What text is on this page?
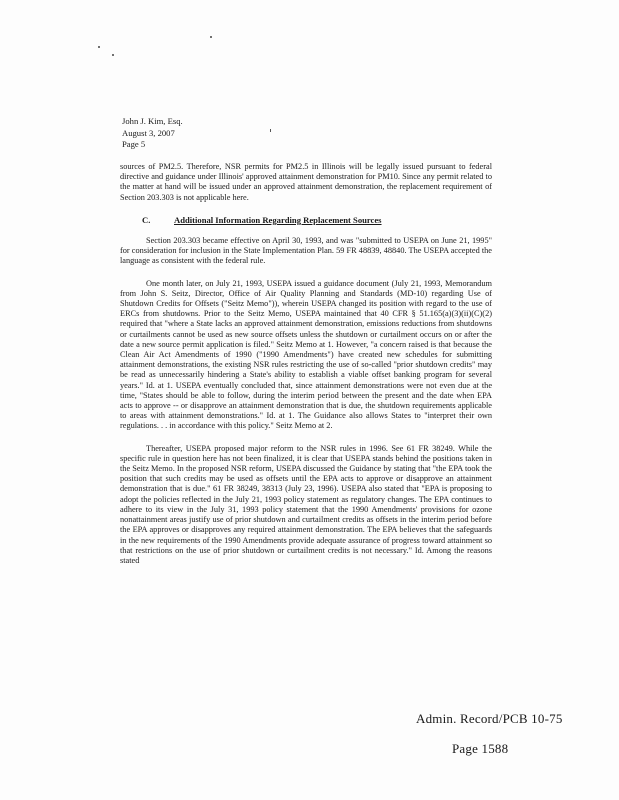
John J. Kim, Esq.
August 3, 2007
Page 5

sources of PM2.5. Therefore, NSR permits for PM2.5 in Illinois will be legally issued pursuant to federal directive and guidance under Illinois' approved attainment demonstration for PM10. Since any permit related to the matter at hand will be issued under an approved attainment demonstration, the replacement requirement of Section 203.303 is not applicable here.

C.	Additional Information Regarding Replacement Sources

Section 203.303 became effective on April 30, 1993, and was "submitted to USEPA on June 21, 1995" for consideration for inclusion in the State Implementation Plan. 59 FR 48839, 48840. The USEPA accepted the language as consistent with the federal rule.

One month later, on July 21, 1993, USEPA issued a guidance document (July 21, 1993, Memorandum from John S. Seitz, Director, Office of Air Quality Planning and Standards (MD-10) regarding Use of Shutdown Credits for Offsets ("Seitz Memo")), wherein USEPA changed its position with regard to the use of ERCs from shutdowns. Prior to the Seitz Memo, USEPA maintained that 40 CFR § 51.165(a)(3)(ii)(C)(2) required that "where a State lacks an approved attainment demonstration, emissions reductions from shutdowns or curtailments cannot be used as new source offsets unless the shutdown or curtailment occurs on or after the date a new source permit application is filed." Seitz Memo at 1. However, "a concern raised is that because the Clean Air Act Amendments of 1990 ("1990 Amendments") have created new schedules for submitting attainment demonstrations, the existing NSR rules restricting the use of so-called "prior shutdown credits" may be read as unnecessarily hindering a State's ability to establish a viable offset banking program for several years." Id. at 1. USEPA eventually concluded that, since attainment demonstrations were not even due at the time, "States should be able to follow, during the interim period between the present and the date when EPA acts to approve -- or disapprove an attainment demonstration that is due, the shutdown requirements applicable to areas with attainment demonstrations." Id. at 1. The Guidance also allows States to "interpret their own regulations. . . in accordance with this policy." Seitz Memo at 2.

Thereafter, USEPA proposed major reform to the NSR rules in 1996. See 61 FR 38249. While the specific rule in question here has not been finalized, it is clear that USEPA stands behind the positions taken in the Seitz Memo. In the proposed NSR reform, USEPA discussed the Guidance by stating that "the EPA took the position that such credits may be used as offsets until the EPA acts to approve or disapprove an attainment demonstration that is due." 61 FR 38249, 38313 (July 23, 1996). USEPA also stated that "EPA is proposing to adopt the policies reflected in the July 21, 1993 policy statement as regulatory changes. The EPA continues to adhere to its view in the July 31, 1993 policy statement that the 1990 Amendments' provisions for ozone nonattainment areas justify use of prior shutdown and curtailment credits as offsets in the interim period before the EPA approves or disapproves any required attainment demonstration. The EPA believes that the safeguards in the new requirements of the 1990 Amendments provide adequate assurance of progress toward attainment so that restrictions on the use of prior shutdown or curtailment credits is not necessary." Id. Among the reasons stated

Admin. Record/PCB 10-75
Page 1588
